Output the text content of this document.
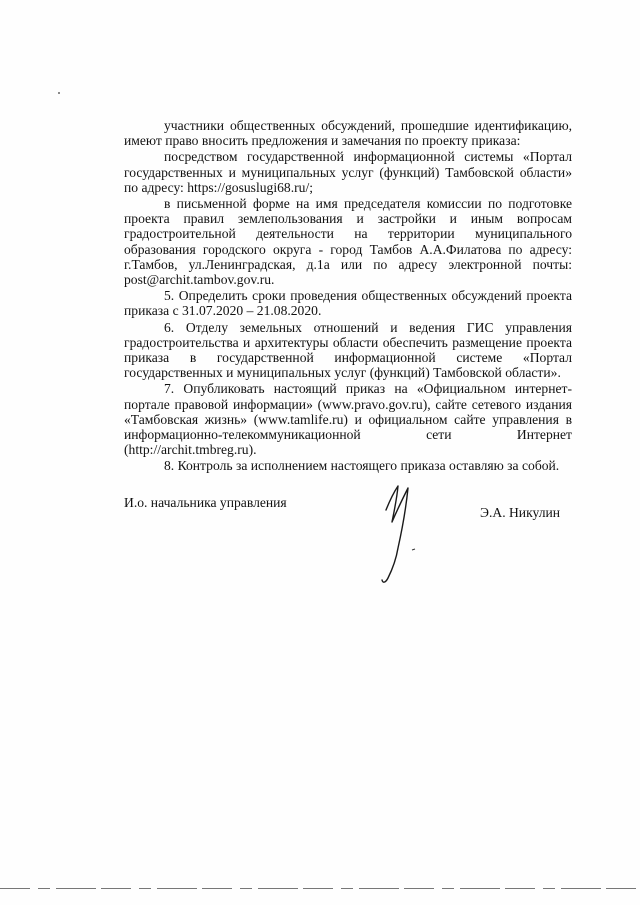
участники общественных обсуждений, прошедшие идентификацию, имеют право вносить предложения и замечания по проекту приказа:

посредством государственной информационной системы «Портал государственных и муниципальных услуг (функций) Тамбовской области» по адресу: https://gosuslugi68.ru/;

в письменной форме на имя председателя комиссии по подготовке проекта правил землепользования и застройки и иным вопросам градостроительной деятельности на территории муниципального образования городского округа - город Тамбов А.А.Филатова по адресу: г.Тамбов, ул.Ленинградская, д.1а или по адресу электронной почты: post@archit.tambov.gov.ru.

5. Определить сроки проведения общественных обсуждений проекта приказа с 31.07.2020 – 21.08.2020.

6. Отделу земельных отношений и ведения ГИС управления градостроительства и архитектуры области обеспечить размещение проекта приказа в государственной информационной системе «Портал государственных и муниципальных услуг (функций) Тамбовской области».

7. Опубликовать настоящий приказ на «Официальном интернет-портале правовой информации» (www.pravo.gov.ru), сайте сетевого издания «Тамбовская жизнь» (www.tamlife.ru) и официальном сайте управления в информационно-телекоммуникационной сети Интернет (http://archit.tmbreg.ru).

8. Контроль за исполнением настоящего приказа оставляю за собой.

И.о. начальника управления
Э.А. Никулин
